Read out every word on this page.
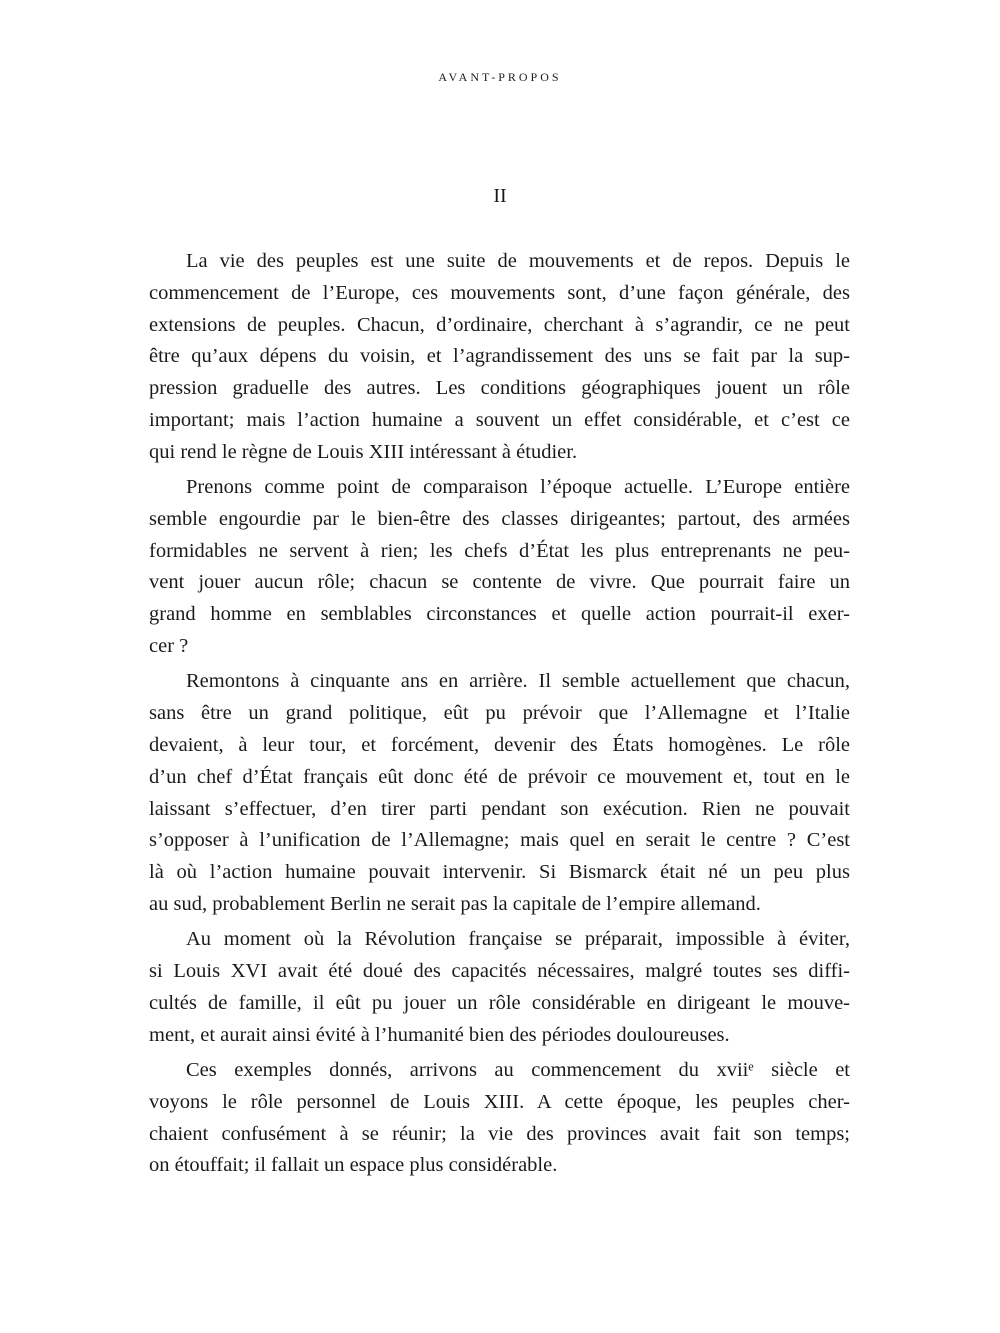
AVANT-PROPOS
II
La vie des peuples est une suite de mouvements et de repos. Depuis le
commencement de l’Europe, ces mouvements sont, d’une façon générale, des
extensions de peuples. Chacun, d’ordinaire, cherchant à s’agrandir, ce ne peut
être qu’aux dépens du voisin, et l’agrandissement des uns se fait par la sup-
pression graduelle des autres. Les conditions géographiques jouent un rôle
important; mais l’action humaine a souvent un effet considérable, et c’est ce
qui rend le règne de Louis XIII intéressant à étudier.
Prenons comme point de comparaison l’époque actuelle. L’Europe entière
semble engourdie par le bien-être des classes dirigeantes; partout, des armées
formidables ne servent à rien; les chefs d’État les plus entreprenants ne peu-
vent jouer aucun rôle; chacun se contente de vivre. Que pourrait faire un
grand homme en semblables circonstances et quelle action pourrait-il exer-
cer ?
Remontons à cinquante ans en arrière. Il semble actuellement que chacun,
sans être un grand politique, eût pu prévoir que l’Allemagne et l’Italie
devaient, à leur tour, et forcément, devenir des États homogènes. Le rôle
d’un chef d’État français eût donc été de prévoir ce mouvement et, tout en le
laissant s’effectuer, d’en tirer parti pendant son exécution. Rien ne pouvait
s’opposer à l’unification de l’Allemagne; mais quel en serait le centre ? C’est
là où l’action humaine pouvait intervenir. Si Bismarck était né un peu plus
au sud, probablement Berlin ne serait pas la capitale de l’empire allemand.
Au moment où la Révolution française se préparait, impossible à éviter,
si Louis XVI avait été doué des capacités nécessaires, malgré toutes ses diffi-
cultés de famille, il eût pu jouer un rôle considérable en dirigeant le mouve-
ment, et aurait ainsi évité à l’humanité bien des périodes douloureuses.
Ces exemples donnés, arrivons au commencement du xviiᵉ siècle et
voyons le rôle personnel de Louis XIII. A cette époque, les peuples cher-
chaient confusément à se réunir; la vie des provinces avait fait son temps;
on étouffait; il fallait un espace plus considérable.
